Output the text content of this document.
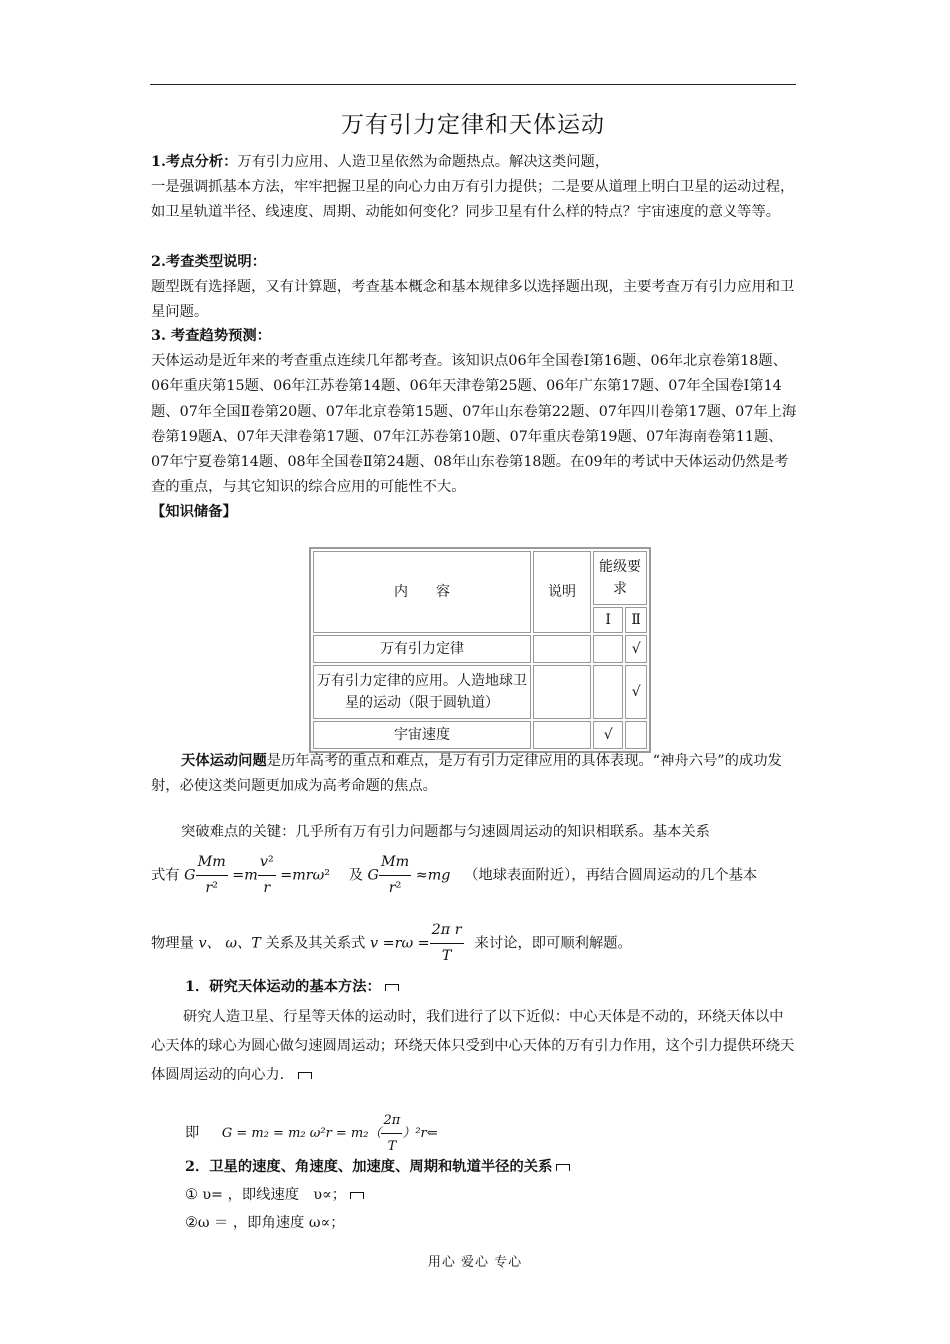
万有引力定律和天体运动

1.考点分析：万有引力应用、人造卫星依然为命题热点。解决这类问题，

一是强调抓基本方法，牢牢把握卫星的向心力由万有引力提供；二是要从道理上明白卫星的运动过程，如卫星轨道半径、线速度、周期、动能如何变化？同步卫星有什么样的特点？宇宙速度的意义等等。

2.考查类型说明：

题型既有选择题，又有计算题，考查基本概念和基本规律多以选择题出现，主要考查万有引力应用和卫星问题。

3. 考查趋势预测：

天体运动是近年来的考查重点连续几年都考查。该知识点06年全国卷Ⅰ第16题、06年北京卷第18题、06年重庆第15题、06年江苏卷第14题、06年天津卷第25题、06年广东第17题、07年全国卷Ⅰ第14题、07年全国Ⅱ卷第20题、07年北京卷第15题、07年山东卷第22题、07年四川卷第17题、07年上海卷第19题A、07年天津卷第17题、07年江苏卷第10题、07年重庆卷第19题、07年海南卷第11题、07年宁夏卷第14题、08年全国卷Ⅱ第24题、08年山东卷第18题。在09年的考试中天体运动仍然是考查的重点，与其它知识的综合应用的可能性不大。

【知识储备】

内　　容	说明	能级要求	
		Ⅰ	Ⅱ
万有引力定律			√
万有引力定律的应用。人造地球卫星的运动（限于圆轨道）			√
宇宙速度		√	

天体运动问题是历年高考的重点和难点，是万有引力定律应用的具体表现。“神舟六号”的成功发射，必使这类问题更加成为高考命题的焦点。

突破难点的关键：几乎所有万有引力问题都与匀速圆周运动的知识相联系。基本关系
式有 G $\frac{Mm}{\text{r²}} =m \frac{\text{v²}}{r} =mr\omega^2$ 及 G $\frac{Mm}{\text{r²}} \approx mg$ （地球表面附近），再结合圆周运动的几个基本
物理量 v、 ω、T 关系及其关系式 $v =r\omega = \frac{\text{2π r}}{T}$ 来讨论，即可顺利解题。
1．研究天体运动的基本方法：
研究人造卫星、行星等天体的运动时，我们进行了以下近似：中心天体是不动的，环绕天体以中心天体的球心为圆心做匀速圆周运动；环绕天体只受到中心天体的万有引力作用，这个引力提供环绕天体圆周运动的向心力．
即 G = m₂ = m₂ $\omega^2r = m_2( \frac{2\pi}{T}$ ）²r⇐
2．卫星的速度、角速度、加速度、周期和轨道半径的关系
① υ= ，即线速度　υ∝；
②ω ＝ ，即角速度 ω∝；
用心 爱心 专心
